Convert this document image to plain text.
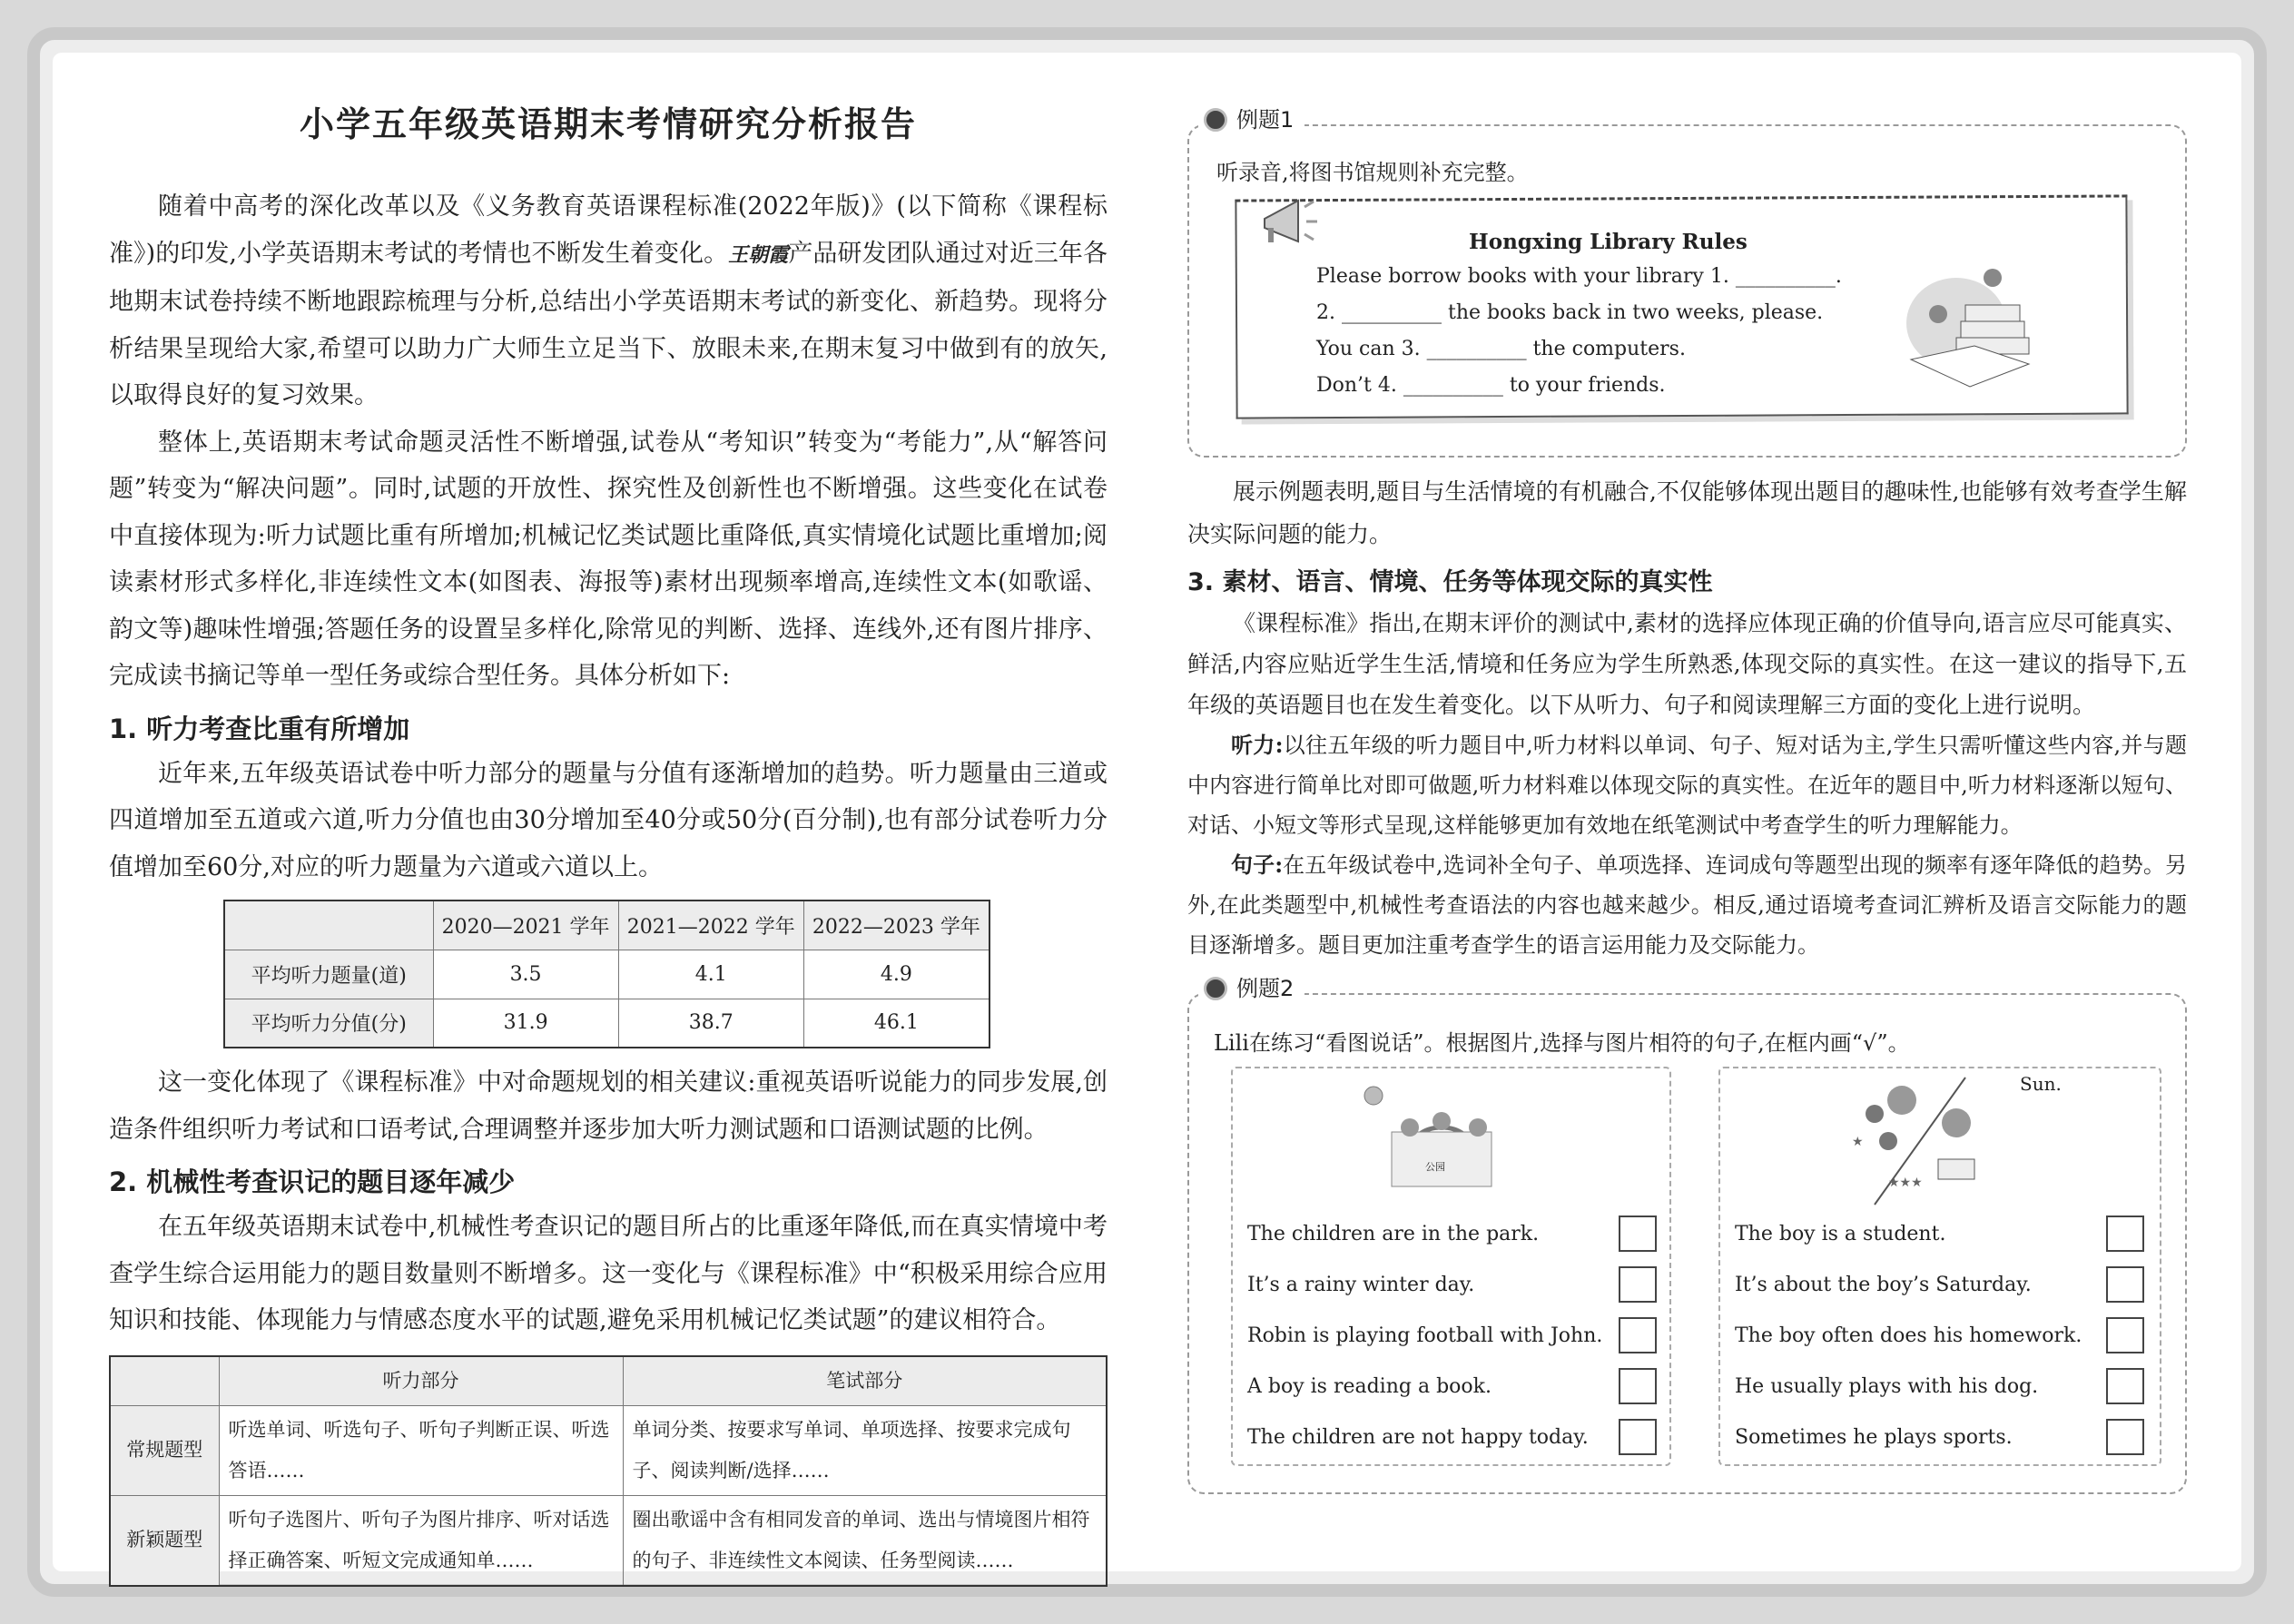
小学五年级英语期末考情研究分析报告
随着中高考的深化改革以及《义务教育英语课程标准(2022年版)》(以下简称《课程标准》)的印发,小学英语期末考试的考情也不断发生着变化。王朝霞产品研发团队通过对近三年各地期末试卷持续不断地跟踪梳理与分析,总结出小学英语期末考试的新变化、新趋势。现将分析结果呈现给大家,希望可以助力广大师生立足当下、放眼未来,在期末复习中做到有的放矢,以取得良好的复习效果。
整体上,英语期末考试命题灵活性不断增强,试卷从“考知识”转变为“考能力”,从“解答问题”转变为“解决问题”。同时,试题的开放性、探究性及创新性也不断增强。这些变化在试卷中直接体现为:听力试题比重有所增加;机械记忆类试题比重降低,真实情境化试题比重增加;阅读素材形式多样化,非连续性文本(如图表、海报等)素材出现频率增高,连续性文本(如歌谣、韵文等)趣味性增强;答题任务的设置呈多样化,除常见的判断、选择、连线外,还有图片排序、完成读书摘记等单一型任务或综合型任务。具体分析如下:
1. 听力考查比重有所增加
近年来,五年级英语试卷中听力部分的题量与分值有逐渐增加的趋势。听力题量由三道或四道增加至五道或六道,听力分值也由30分增加至40分或50分(百分制),也有部分试卷听力分值增加至60分,对应的听力题量为六道或六道以上。
	2020—2021 学年	2021—2022 学年	2022—2023 学年
平均听力题量(道)	3.5	4.1	4.9
平均听力分值(分)	31.9	38.7	46.1
这一变化体现了《课程标准》中对命题规划的相关建议:重视英语听说能力的同步发展,创造条件组织听力考试和口语考试,合理调整并逐步加大听力测试题和口语测试题的比例。
2. 机械性考查识记的题目逐年减少
在五年级英语期末试卷中,机械性考查识记的题目所占的比重逐年降低,而在真实情境中考查学生综合运用能力的题目数量则不断增多。这一变化与《课程标准》中“积极采用综合应用知识和技能、体现能力与情感态度水平的试题,避免采用机械记忆类试题”的建议相符合。
	听力部分	笔试部分
常规题型	听选单词、听选句子、听句子判断正误、听选答语……	单词分类、按要求写单词、单项选择、按要求完成句子、阅读判断/选择……
新颖题型	听句子选图片、听句子为图片排序、听对话选择正确答案、听短文完成通知单……	圈出歌谣中含有相同发音的单词、选出与情境图片相符的句子、非连续性文本阅读、任务型阅读……
例题1
听录音,将图书馆规则补充完整。
Hongxing Library Rules
Please borrow books with your library 1. __________.
2. __________ the books back in two weeks, please.
You can 3. __________ the computers.
Don’t 4. __________ to your friends.
展示例题表明,题目与生活情境的有机融合,不仅能够体现出题目的趣味性,也能够有效考查学生解决实际问题的能力。
3. 素材、语言、情境、任务等体现交际的真实性
《课程标准》指出,在期末评价的测试中,素材的选择应体现正确的价值导向,语言应尽可能真实、鲜活,内容应贴近学生生活,情境和任务应为学生所熟悉,体现交际的真实性。在这一建议的指导下,五年级的英语题目也在发生着变化。以下从听力、句子和阅读理解三方面的变化上进行说明。
听力:以往五年级的听力题目中,听力材料以单词、句子、短对话为主,学生只需听懂这些内容,并与题中内容进行简单比对即可做题,听力材料难以体现交际的真实性。在近年的题目中,听力材料逐渐以短句、对话、小短文等形式呈现,这样能够更加有效地在纸笔测试中考查学生的听力理解能力。
句子:在五年级试卷中,选词补全句子、单项选择、连词成句等题型出现的频率有逐年降低的趋势。另外,在此类题型中,机械性考查语法的内容也越来越少。相反,通过语境考查词汇辨析及语言交际能力的题目逐渐增多。题目更加注重考查学生的语言运用能力及交际能力。
例题2
Lili在练习“看图说话”。根据图片,选择与图片相符的句子,在框内画“√”。
公园
The children are in the park.
It’s a rainy winter day.
Robin is playing football with John.
A boy is reading a book.
The children are not happy today.
★
★★★
Sun.
The boy is a student.
It’s about the boy’s Saturday.
The boy often does his homework.
He usually plays with his dog.
Sometimes he plays sports.
